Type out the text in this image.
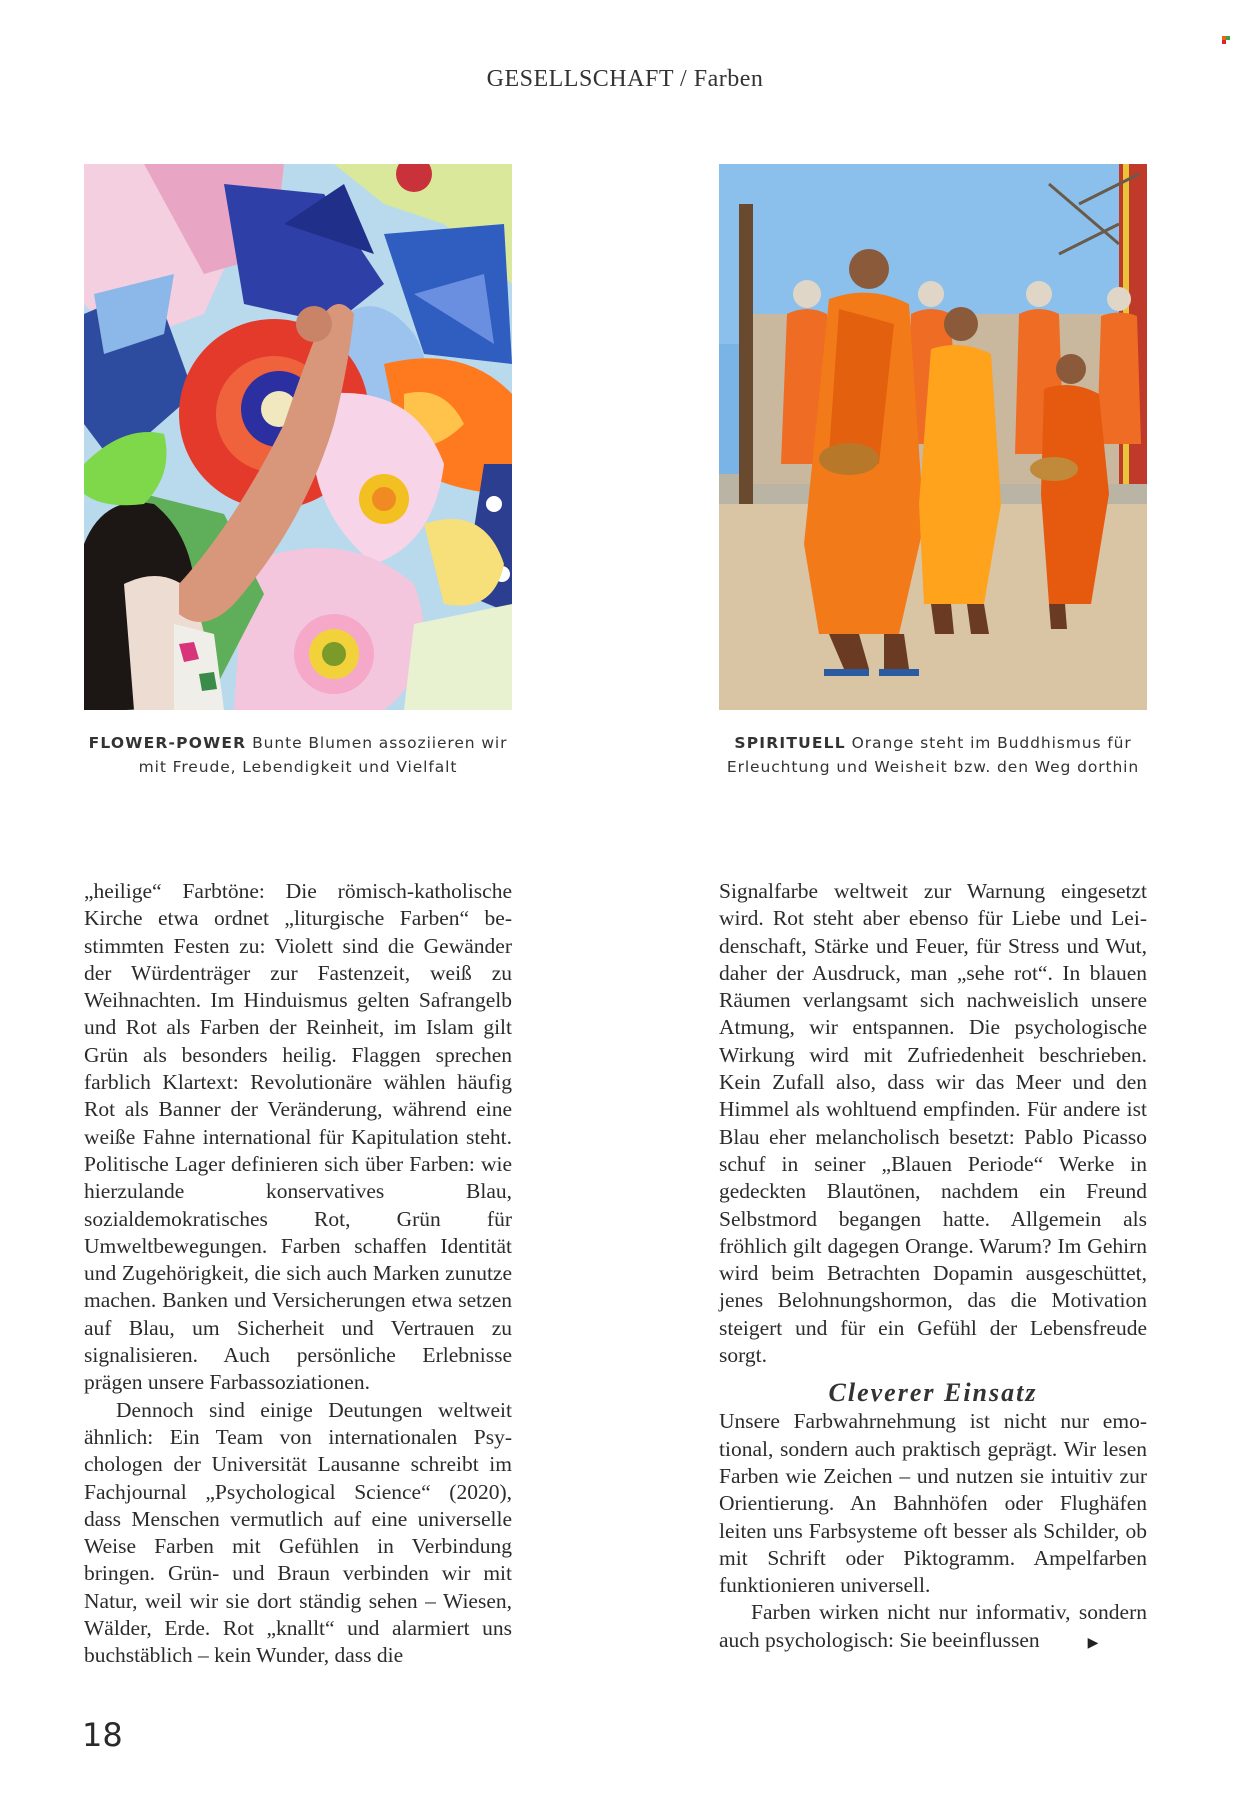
GESELLSCHAFT / Farben
FLOWER-POWER Bunte Blumen assoziieren wir mit Freude, Lebendigkeit und Vielfalt
SPIRITUELL Orange steht im Buddhismus für Erleuchtung und Weisheit bzw. den Weg dorthin

„heilige“ Farbtöne: Die römisch-katholische Kirche etwa ordnet „liturgische Farben“ bestimmten Festen zu: Violett sind die Gewänder der Würdenträger zur Fastenzeit, weiß zu Weihnachten. Im Hinduismus gelten Safrangelb und Rot als Farben der Reinheit, im Islam gilt Grün als besonders heilig. Flaggen sprechen farblich Klartext: Revolutionäre wählen häufig Rot als Banner der Veränderung, während eine weiße Fahne international für Kapitulation steht. Politische Lager definieren sich über Farben: wie hierzulande konservatives Blau, sozialdemokratisches Rot, Grün für Umweltbewegungen. Farben schaffen Identität und Zugehörigkeit, die sich auch Marken zunutze machen. Banken und Versicherungen etwa setzen auf Blau, um Sicherheit und Vertrauen zu signalisieren. Auch persönliche Erlebnisse prägen unsere Farbassoziationen.

Dennoch sind einige Deutungen weltweit ähnlich: Ein Team von internationalen Psychologen der Universität Lausanne schreibt im Fachjournal „Psychological Science“ (2020), dass Menschen vermutlich auf eine universelle Weise Farben mit Gefühlen in Verbindung bringen. Grün- und Braun verbinden wir mit Natur, weil wir sie dort ständig sehen – Wiesen, Wälder, Erde. Rot „knallt“ und alarmiert uns buchstäblich – kein Wunder, dass die

Signalfarbe weltweit zur Warnung eingesetzt wird. Rot steht aber ebenso für Liebe und Leidenschaft, Stärke und Feuer, für Stress und Wut, daher der Ausdruck, man „sehe rot“. In blauen Räumen verlangsamt sich nachweislich unsere Atmung, wir entspannen. Die psychologische Wirkung wird mit Zufriedenheit beschrieben. Kein Zufall also, dass wir das Meer und den Himmel als wohltuend empfinden. Für andere ist Blau eher melancholisch besetzt: Pablo Picasso schuf in seiner „Blauen Periode“ Werke in gedeckten Blautönen, nachdem ein Freund Selbstmord begangen hatte. Allgemein als fröhlich gilt dagegen Orange. Warum? Im Gehirn wird beim Betrachten Dopamin ausgeschüttet, jenes Belohnungshormon, das die Motivation steigert und für ein Gefühl der Lebensfreude sorgt.

Cleverer Einsatz

Unsere Farbwahrnehmung ist nicht nur emotional, sondern auch praktisch geprägt. Wir lesen Farben wie Zeichen – und nutzen sie intuitiv zur Orientierung. An Bahnhöfen oder Flughäfen leiten uns Farbsysteme oft besser als Schilder, ob mit Schrift oder Piktogramm. Ampelfarben funktionieren universell.

Farben wirken nicht nur informativ, sondern auch psychologisch: Sie beeinflussen	▶

18
